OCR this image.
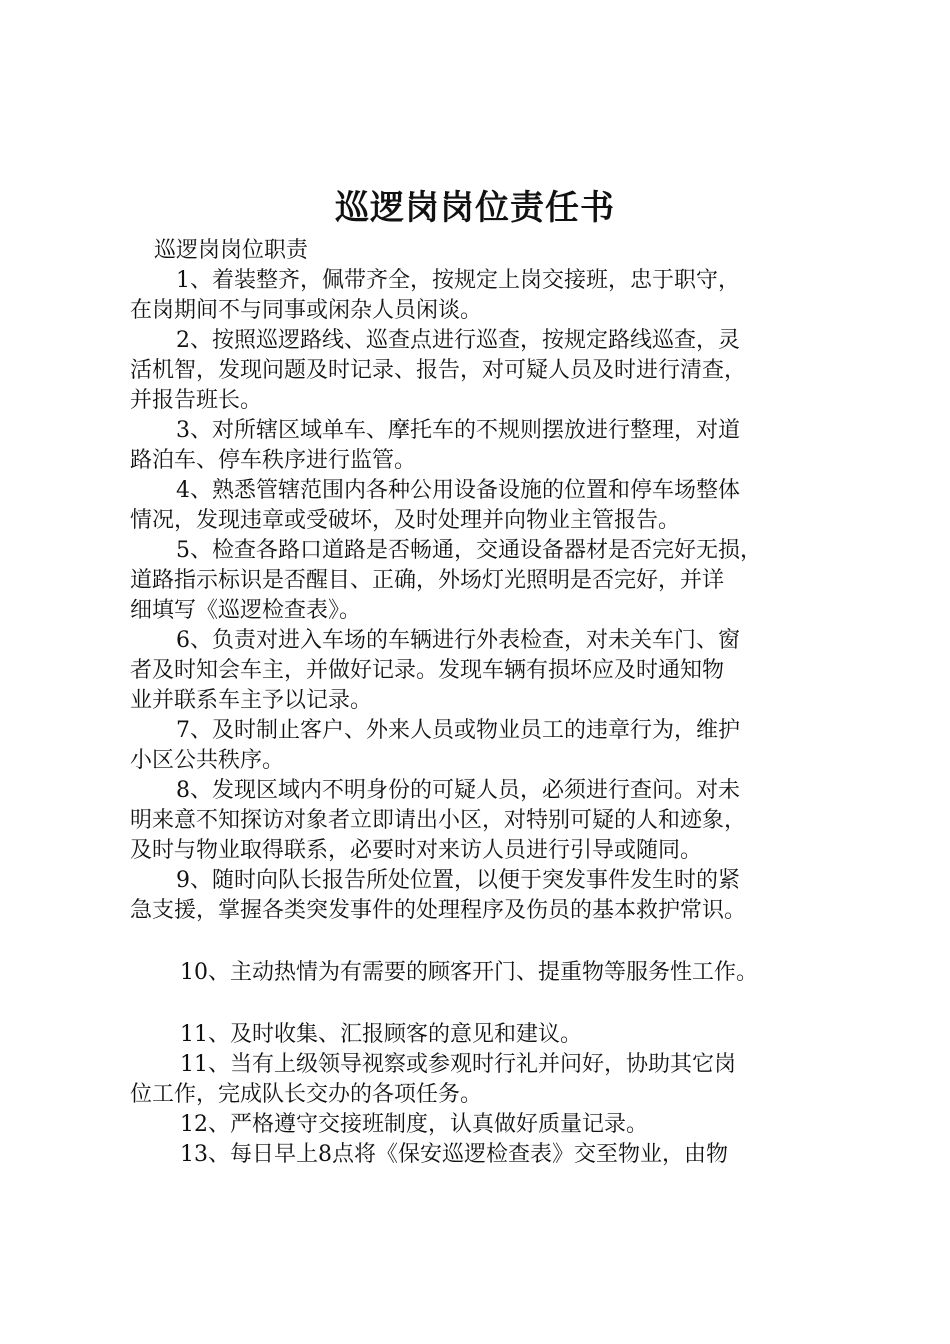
巡逻岗岗位责任书
巡逻岗岗位职责
1、着装整齐，佩带齐全，按规定上岗交接班，忠于职守，
在岗期间不与同事或闲杂人员闲谈。
2、按照巡逻路线、巡查点进行巡查，按规定路线巡查，灵
活机智，发现问题及时记录、报告，对可疑人员及时进行清查，
并报告班长。
3、对所辖区域单车、摩托车的不规则摆放进行整理，对道
路泊车、停车秩序进行监管。
4、熟悉管辖范围内各种公用设备设施的位置和停车场整体
情况，发现违章或受破坏，及时处理并向物业主管报告。
5、检查各路口道路是否畅通，交通设备器材是否完好无损，
道路指示标识是否醒目、正确，外场灯光照明是否完好，并详
细填写《巡逻检查表》。
6、负责对进入车场的车辆进行外表检查，对未关车门、窗
者及时知会车主，并做好记录。发现车辆有损坏应及时通知物
业并联系车主予以记录。
7、及时制止客户、外来人员或物业员工的违章行为，维护
小区公共秩序。
8、发现区域内不明身份的可疑人员，必须进行查问。对未
明来意不知探访对象者立即请出小区，对特别可疑的人和迹象，
及时与物业取得联系，必要时对来访人员进行引导或随同。
9、随时向队长报告所处位置，以便于突发事件发生时的紧
急支援，掌握各类突发事件的处理程序及伤员的基本救护常识。
10、主动热情为有需要的顾客开门、提重物等服务性工作。
11、及时收集、汇报顾客的意见和建议。
11、当有上级领导视察或参观时行礼并问好，协助其它岗
位工作，完成队长交办的各项任务。
12、严格遵守交接班制度，认真做好质量记录。
13、每日早上8点将《保安巡逻检查表》交至物业，由物
